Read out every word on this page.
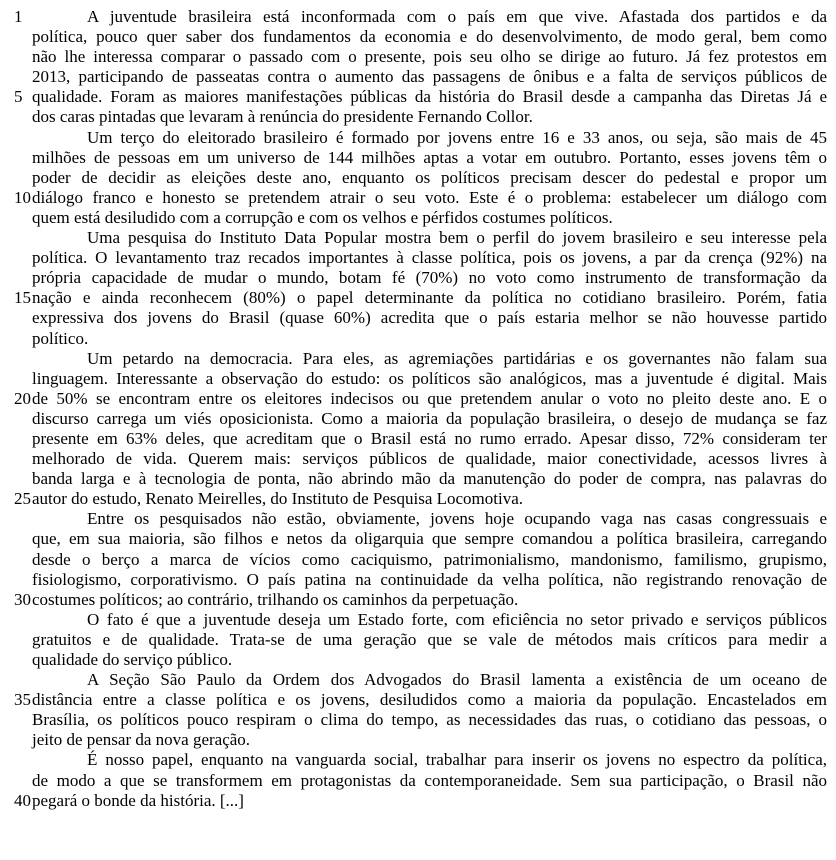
1	A juventude brasileira está inconformada com o país em que vive. Afastada dos partidos e da
política, pouco quer saber dos fundamentos da economia e do desenvolvimento, de modo geral, bem como
não lhe interessa comparar o passado com o presente, pois seu olho se dirige ao futuro. Já fez protestos em
2013, participando de passeatas contra o aumento das passagens de ônibus e a falta de serviços públicos de
5 qualidade. Foram as maiores manifestações públicas da história do Brasil desde a campanha das Diretas Já e
dos caras pintadas que levaram à renúncia do presidente Fernando Collor.
Um terço do eleitorado brasileiro é formado por jovens entre 16 e 33 anos, ou seja, são mais de 45
milhões de pessoas em um universo de 144 milhões aptas a votar em outubro. Portanto, esses jovens têm o
poder de decidir as eleições deste ano, enquanto os políticos precisam descer do pedestal e propor um
10 diálogo franco e honesto se pretendem atrair o seu voto. Este é o problema: estabelecer um diálogo com
quem está desiludido com a corrupção e com os velhos e pérfidos costumes políticos.
Uma pesquisa do Instituto Data Popular mostra bem o perfil do jovem brasileiro e seu interesse pela
política. O levantamento traz recados importantes à classe política, pois os jovens, a par da crença (92%) na
própria capacidade de mudar o mundo, botam fé (70%) no voto como instrumento de transformação da
15 nação e ainda reconhecem (80%) o papel determinante da política no cotidiano brasileiro. Porém, fatia
expressiva dos jovens do Brasil (quase 60%) acredita que o país estaria melhor se não houvesse partido
político.
Um petardo na democracia. Para eles, as agremiações partidárias e os governantes não falam sua
linguagem. Interessante a observação do estudo: os políticos são analógicos, mas a juventude é digital. Mais
20 de 50% se encontram entre os eleitores indecisos ou que pretendem anular o voto no pleito deste ano. E o
discurso carrega um viés oposicionista. Como a maioria da população brasileira, o desejo de mudança se faz
presente em 63% deles, que acreditam que o Brasil está no rumo errado. Apesar disso, 72% consideram ter
melhorado de vida. Querem mais: serviços públicos de qualidade, maior conectividade, acessos livres à
banda larga e à tecnologia de ponta, não abrindo mão da manutenção do poder de compra, nas palavras do
25 autor do estudo, Renato Meirelles, do Instituto de Pesquisa Locomotiva.
Entre os pesquisados não estão, obviamente, jovens hoje ocupando vaga nas casas congressuais e
que, em sua maioria, são filhos e netos da oligarquia que sempre comandou a política brasileira, carregando
desde o berço a marca de vícios como caciquismo, patrimonialismo, mandonismo, familismo, grupismo,
fisiologismo, corporativismo. O país patina na continuidade da velha política, não registrando renovação de
30 costumes políticos; ao contrário, trilhando os caminhos da perpetuação.
O fato é que a juventude deseja um Estado forte, com eficiência no setor privado e serviços públicos
gratuitos e de qualidade. Trata-se de uma geração que se vale de métodos mais críticos para medir a
qualidade do serviço público.
A Seção São Paulo da Ordem dos Advogados do Brasil lamenta a existência de um oceano de
35 distância entre a classe política e os jovens, desiludidos como a maioria da população. Encastelados em
Brasília, os políticos pouco respiram o clima do tempo, as necessidades das ruas, o cotidiano das pessoas, o
jeito de pensar da nova geração.
É nosso papel, enquanto na vanguarda social, trabalhar para inserir os jovens no espectro da política,
de modo a que se transformem em protagonistas da contemporaneidade. Sem sua participação, o Brasil não
40 pegará o bonde da história. [...]
